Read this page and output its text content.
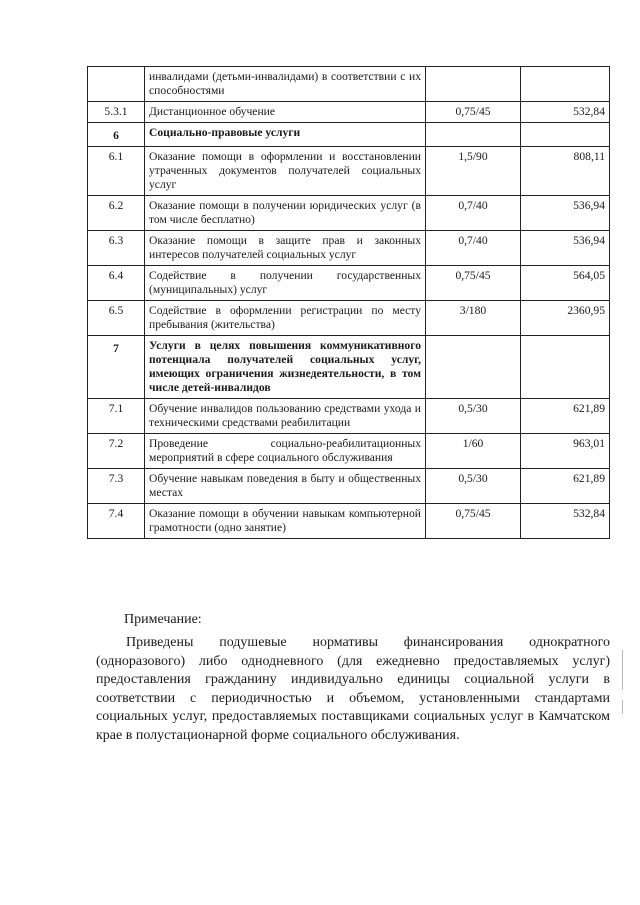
	инвалидами (детьми-инвалидами) в соответствии с их способностями		
5.3.1	Дистанционное обучение	0,75/45	532,84
6	Социально-правовые услуги		
6.1	Оказание помощи в оформлении и восстановлении утраченных документов получателей социальных услуг	1,5/90	808,11
6.2	Оказание помощи в получении юридических услуг (в том числе бесплатно)	0,7/40	536,94
6.3	Оказание помощи в защите прав и законных интересов получателей социальных услуг	0,7/40	536,94
6.4	Содействие в получении государственных (муниципальных) услуг	0,75/45	564,05
6.5	Содействие в оформлении регистрации по месту пребывания (жительства)	3/180	2360,95
7	Услуги в целях повышения коммуникативного потенциала получателей социальных услуг, имеющих ограничения жизнедеятельности, в том числе детей-инвалидов		
7.1	Обучение инвалидов пользованию средствами ухода и техническими средствами реабилитации	0,5/30	621,89
7.2	Проведение социально-реабилитационных мероприятий в сфере социального обслуживания	1/60	963,01
7.3	Обучение навыкам поведения в быту и общественных местах	0,5/30	621,89
7.4	Оказание помощи в обучении навыкам компьютерной грамотности (одно занятие)	0,75/45	532,84
Примечание:
Приведены подушевые нормативы финансирования однократного (одноразового) либо однодневного (для ежедневно предоставляемых услуг) предоставления гражданину индивидуально единицы социальной услуги в соответствии с периодичностью и объемом, установленными стандартами социальных услуг, предоставляемых поставщиками социальных услуг в Камчатском крае в полустационарной форме социального обслуживания.
